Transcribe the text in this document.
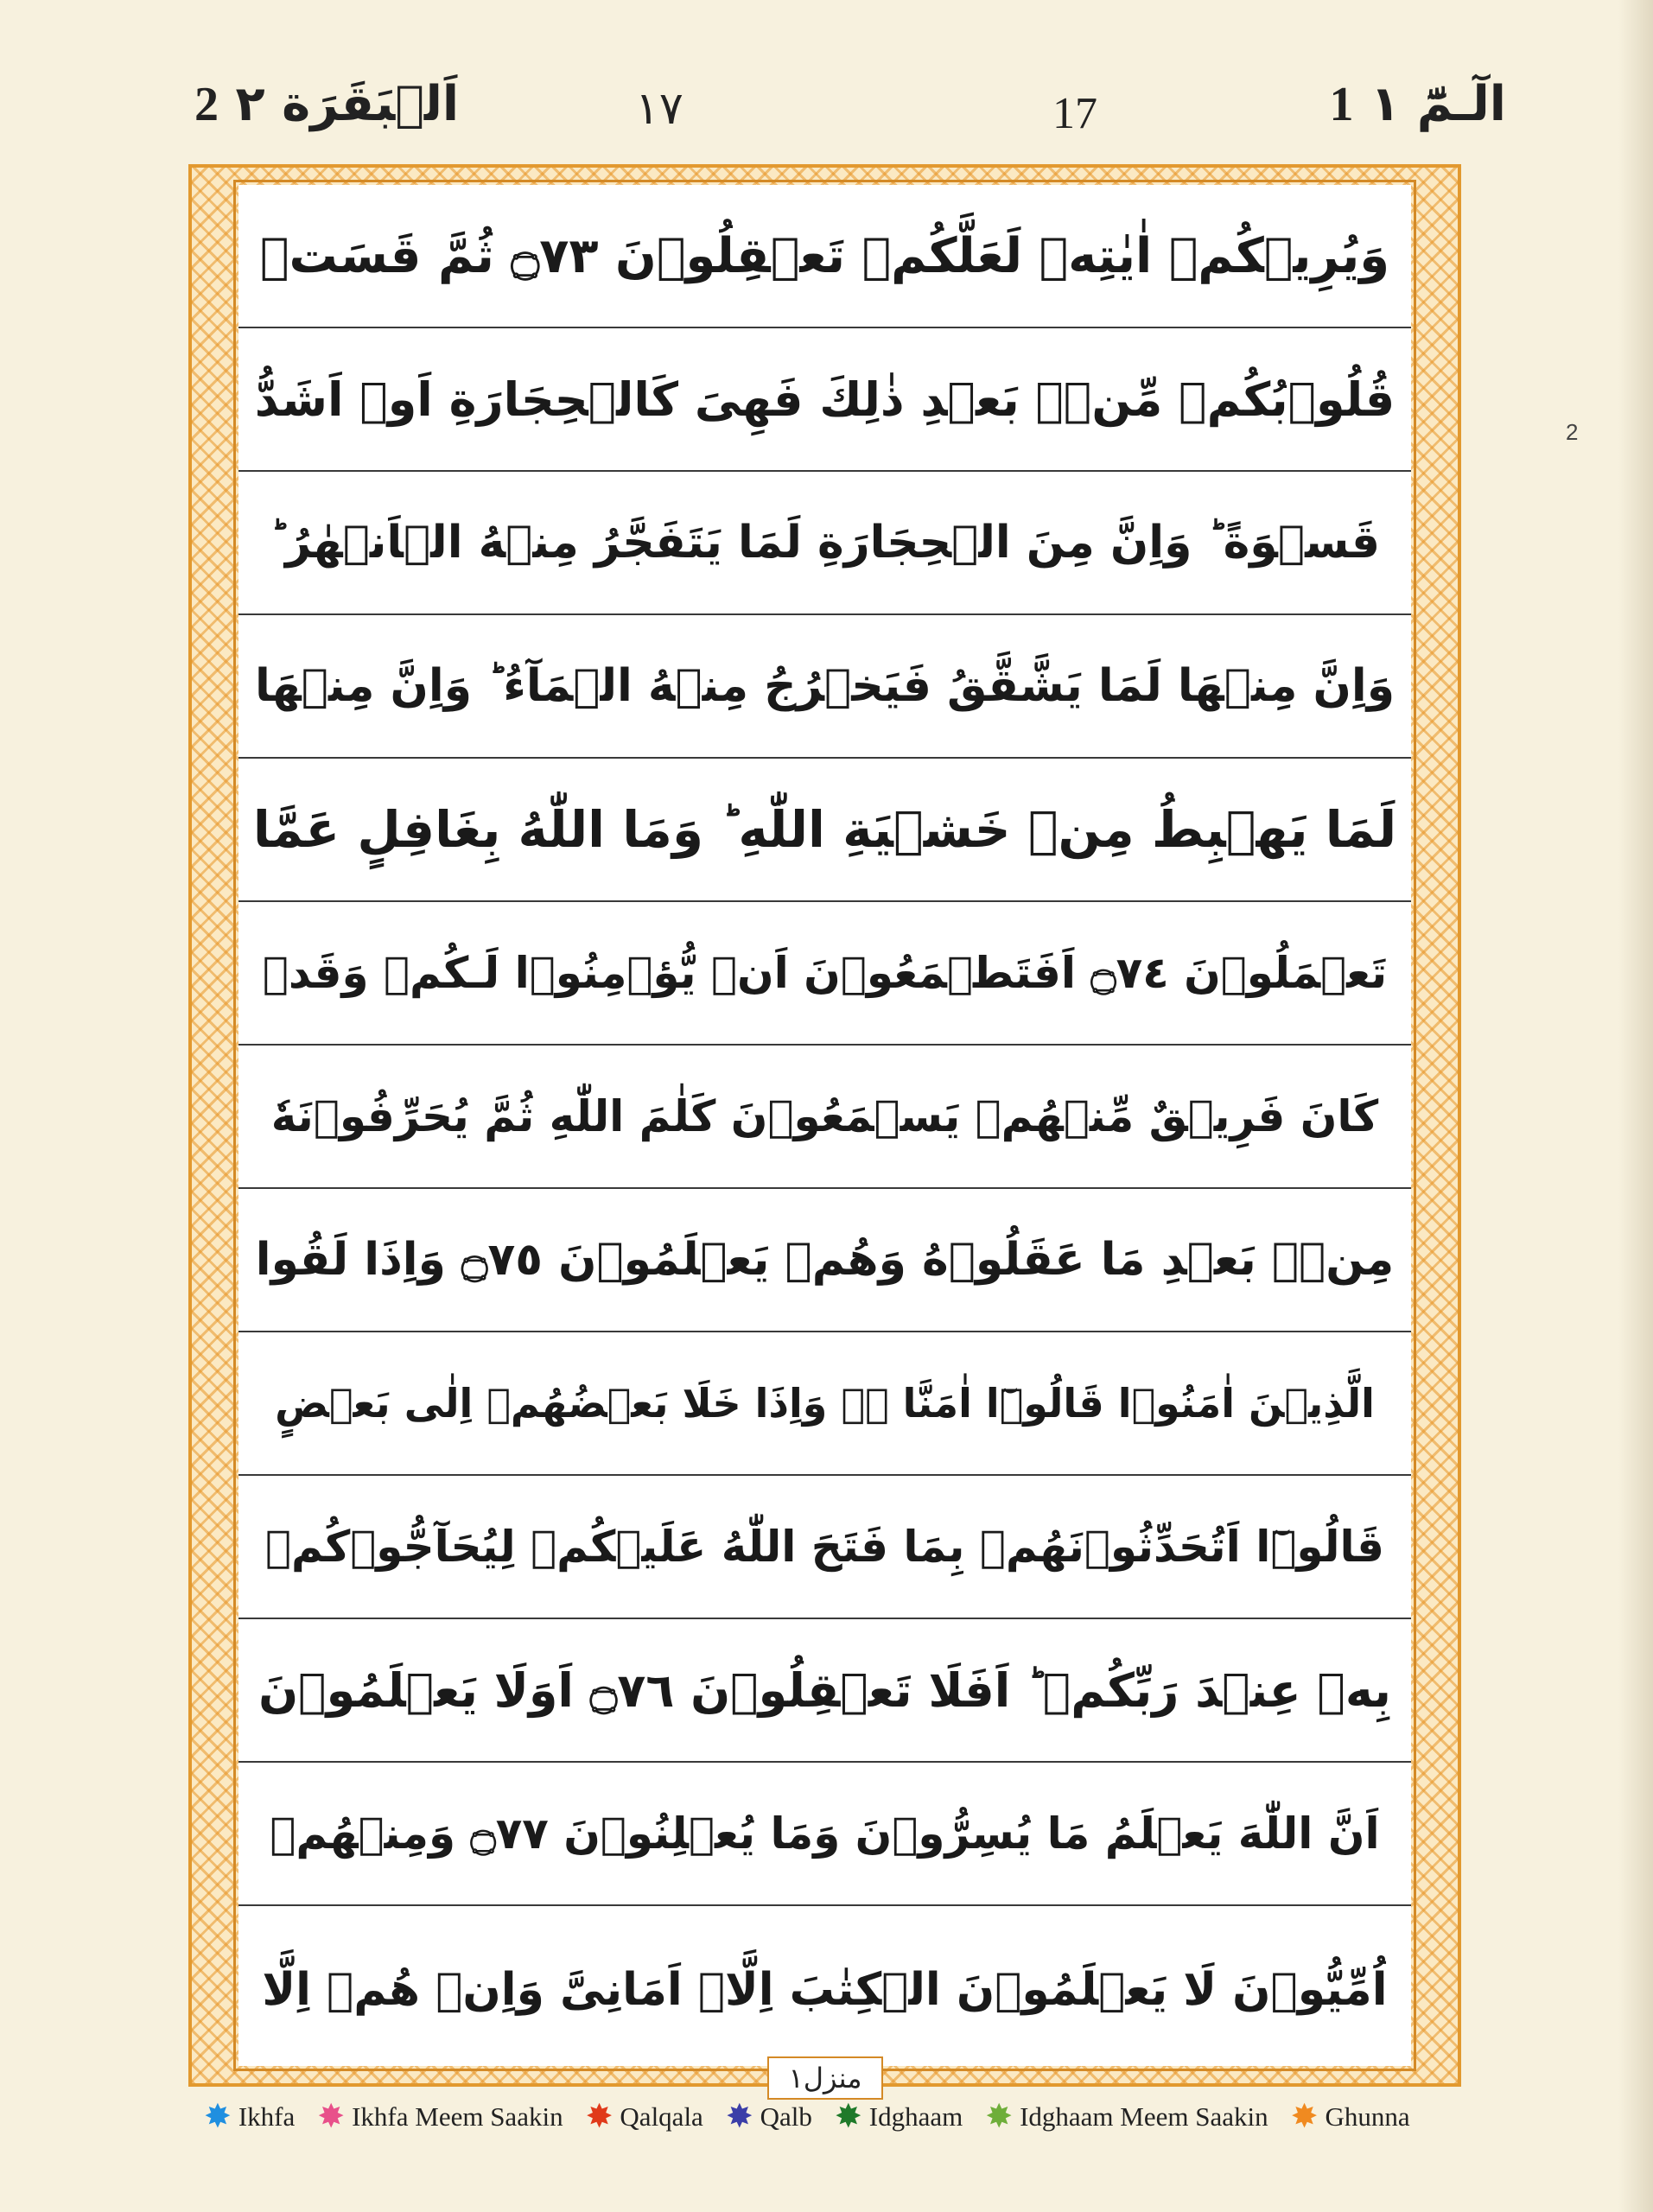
اَلۡبَقَرَة ٢ 2	١٧	17	الٓـمّٓ ١ 1
2
وَيُرِيۡكُمۡ اٰيٰتِهٖ لَعَلَّكُمۡ تَعۡقِلُوۡنَ ۝٧٣ ثُمَّ قَسَتۡ
قُلُوۡبُكُمۡ مِّنۡۢ بَعۡدِ ذٰلِكَ فَهِىَ كَالۡحِجَارَةِ اَوۡ اَشَدُّ
قَسۡوَةً ؕ وَاِنَّ مِنَ الۡحِجَارَةِ لَمَا يَتَفَجَّرُ مِنۡهُ الۡاَنۡهٰرُ ؕ
وَاِنَّ مِنۡهَا لَمَا يَشَّقَّقُ فَيَخۡرُجُ مِنۡهُ الۡمَآءُ ؕ وَاِنَّ مِنۡهَا
لَمَا يَهۡبِطُ مِنۡ خَشۡيَةِ اللّٰهِ ؕ وَمَا اللّٰهُ بِغَافِلٍ عَمَّا
تَعۡمَلُوۡنَ ۝٧٤ اَفَتَطۡمَعُوۡنَ اَنۡ يُّؤۡمِنُوۡا لَـكُمۡ وَقَدۡ
كَانَ فَرِيۡقٌ مِّنۡهُمۡ يَسۡمَعُوۡنَ كَلٰمَ اللّٰهِ ثُمَّ يُحَرِّفُوۡنَهٗ
مِنۡۢ بَعۡدِ مَا عَقَلُوۡهُ وَهُمۡ يَعۡلَمُوۡنَ ۝٧٥ وَاِذَا لَقُوا
الَّذِيۡنَ اٰمَنُوۡا قَالُوۡٓا اٰمَنَّا ۖۚ وَاِذَا خَلَا بَعۡضُهُمۡ اِلٰى بَعۡضٍ
قَالُوۡٓا اَتُحَدِّثُوۡنَهُمۡ بِمَا فَتَحَ اللّٰهُ عَلَيۡكُمۡ لِيُحَآجُّوۡكُمۡ
بِهٖ عِنۡدَ رَبِّكُمۡ ؕ اَفَلَا تَعۡقِلُوۡنَ ۝٧٦ اَوَلَا يَعۡلَمُوۡنَ
اَنَّ اللّٰهَ يَعۡلَمُ مَا يُسِرُّوۡنَ وَمَا يُعۡلِنُوۡنَ ۝٧٧ وَمِنۡهُمۡ
اُمِّيُّوۡنَ لَا يَعۡلَمُوۡنَ الۡكِتٰبَ اِلَّاۤ اَمَانِىَّ وَاِنۡ هُمۡ اِلَّا
منزل١
✸ Ikhfa ✸ Ikhfa Meem Saakin ✸ Qalqala ✸ Qalb ✸ Idghaam ✸ Idghaam Meem Saakin ✸ Ghunna
